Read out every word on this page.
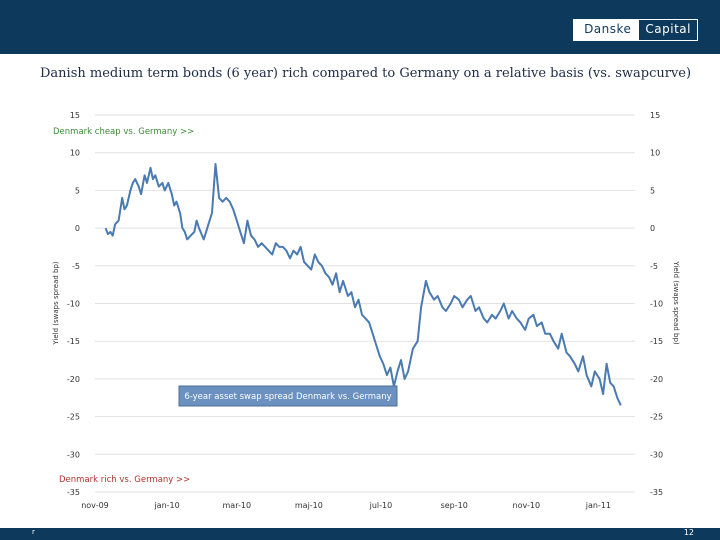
Danske	Capital
Danish medium term bonds (6 year) rich compared to Germany on a relative basis (vs. swapcurve)
15	15
10	10
5	5
0	0
-5	-5
-10	-10
-15	-15
-20	-20
-25	-25
-30	-30
-35	-35
nov-09	jan-10	mar-10	maj-10	jul-10	sep-10	nov-10	jan-11
Yield (swaps spread bp)	Yield (swaps spread bp)
Denmark cheap vs. Germany >>
Denmark rich vs. Germany >>
6-year asset swap spread Denmark vs. Germany
r	12
